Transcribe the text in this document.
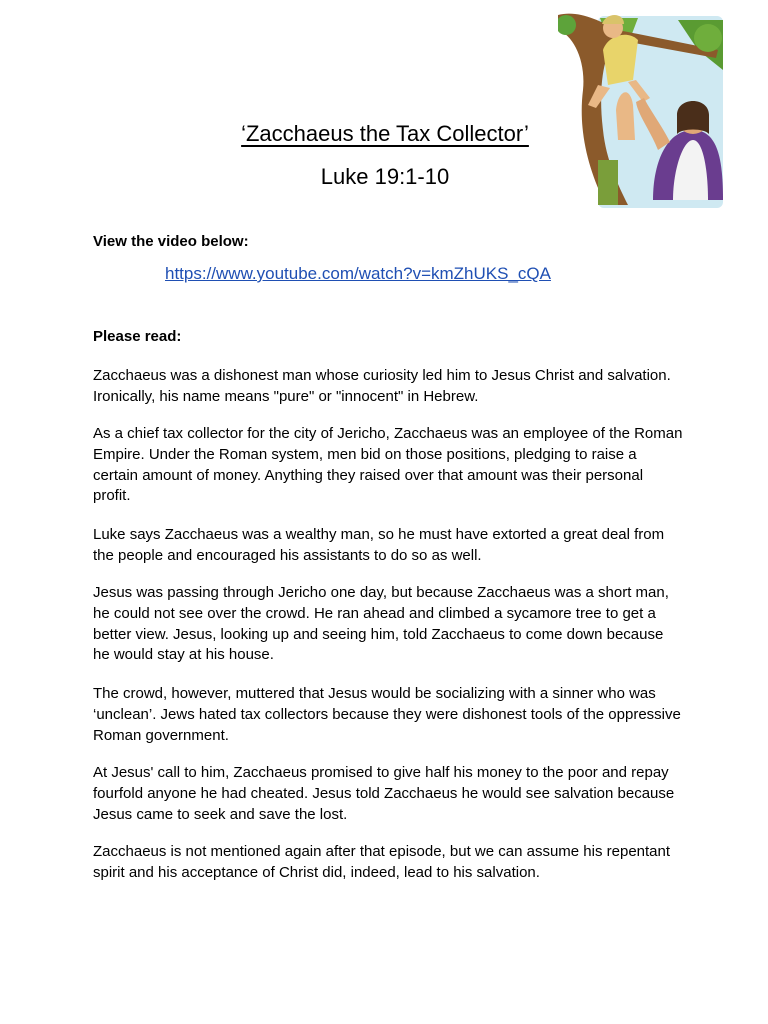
‘Zacchaeus the Tax Collector’
Luke 19:1-10
View the video below:
https://www.youtube.com/watch?v=kmZhUKS_cQA
Please read:

Zacchaeus was a dishonest man whose curiosity led him to Jesus Christ and salvation. Ironically, his name means "pure" or "innocent" in Hebrew.

As a chief tax collector for the city of Jericho, Zacchaeus was an employee of the Roman Empire. Under the Roman system, men bid on those positions, pledging to raise a certain amount of money. Anything they raised over that amount was their personal profit.

Luke says Zacchaeus was a wealthy man, so he must have extorted a great deal from the people and encouraged his assistants to do so as well.

Jesus was passing through Jericho one day, but because Zacchaeus was a short man, he could not see over the crowd. He ran ahead and climbed a sycamore tree to get a better view. Jesus, looking up and seeing him, told Zacchaeus to come down because he would stay at his house.

The crowd, however, muttered that Jesus would be socializing with a sinner who was ‘unclean’. Jews hated tax collectors because they were dishonest tools of the oppressive Roman government.

At Jesus' call to him, Zacchaeus promised to give half his money to the poor and repay fourfold anyone he had cheated. Jesus told Zacchaeus he would see salvation because Jesus came to seek and save the lost.

Zacchaeus is not mentioned again after that episode, but we can assume his repentant spirit and his acceptance of Christ did, indeed, lead to his salvation.
